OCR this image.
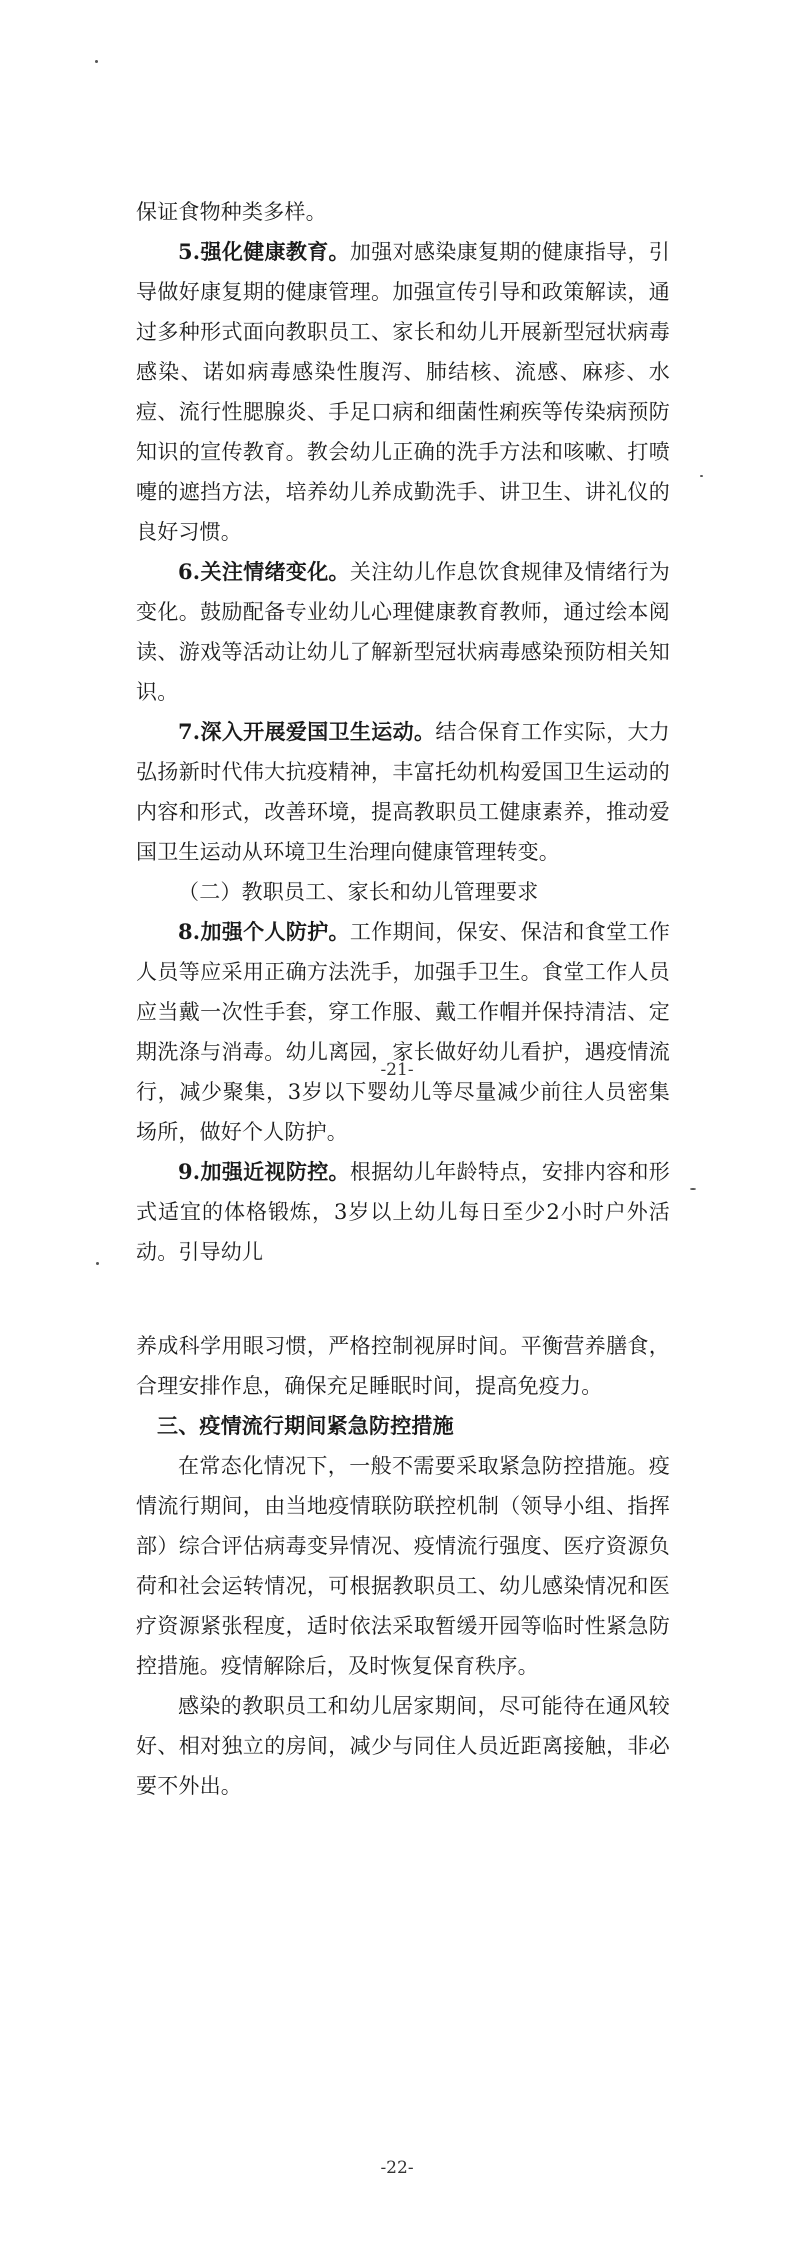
保证食物种类多样。

5.强化健康教育。加强对感染康复期的健康指导，引导做好康复期的健康管理。加强宣传引导和政策解读，通过多种形式面向教职员工、家长和幼儿开展新型冠状病毒感染、诺如病毒感染性腹泻、肺结核、流感、麻疹、水痘、流行性腮腺炎、手足口病和细菌性痢疾等传染病预防知识的宣传教育。教会幼儿正确的洗手方法和咳嗽、打喷嚏的遮挡方法，培养幼儿养成勤洗手、讲卫生、讲礼仪的良好习惯。

6.关注情绪变化。关注幼儿作息饮食规律及情绪行为变化。鼓励配备专业幼儿心理健康教育教师，通过绘本阅读、游戏等活动让幼儿了解新型冠状病毒感染预防相关知识。

7.深入开展爱国卫生运动。结合保育工作实际，大力弘扬新时代伟大抗疫精神，丰富托幼机构爱国卫生运动的内容和形式，改善环境，提高教职员工健康素养，推动爱国卫生运动从环境卫生治理向健康管理转变。

（二）教职员工、家长和幼儿管理要求

8.加强个人防护。工作期间，保安、保洁和食堂工作人员等应采用正确方法洗手，加强手卫生。食堂工作人员应当戴一次性手套，穿工作服、戴工作帽并保持清洁、定期洗涤与消毒。幼儿离园，家长做好幼儿看护，遇疫情流行，减少聚集，3岁以下婴幼儿等尽量减少前往人员密集场所，做好个人防护。

9.加强近视防控。根据幼儿年龄特点，安排内容和形式适宜的体格锻炼，3岁以上幼儿每日至少2小时户外活动。引导幼儿

-21-

养成科学用眼习惯，严格控制视屏时间。平衡营养膳食，合理安排作息，确保充足睡眠时间，提高免疫力。

三、疫情流行期间紧急防控措施

在常态化情况下，一般不需要采取紧急防控措施。疫情流行期间，由当地疫情联防联控机制（领导小组、指挥部）综合评估病毒变异情况、疫情流行强度、医疗资源负荷和社会运转情况，可根据教职员工、幼儿感染情况和医疗资源紧张程度，适时依法采取暂缓开园等临时性紧急防控措施。疫情解除后，及时恢复保育秩序。

感染的教职员工和幼儿居家期间，尽可能待在通风较好、相对独立的房间，减少与同住人员近距离接触，非必要不外出。

-22-
